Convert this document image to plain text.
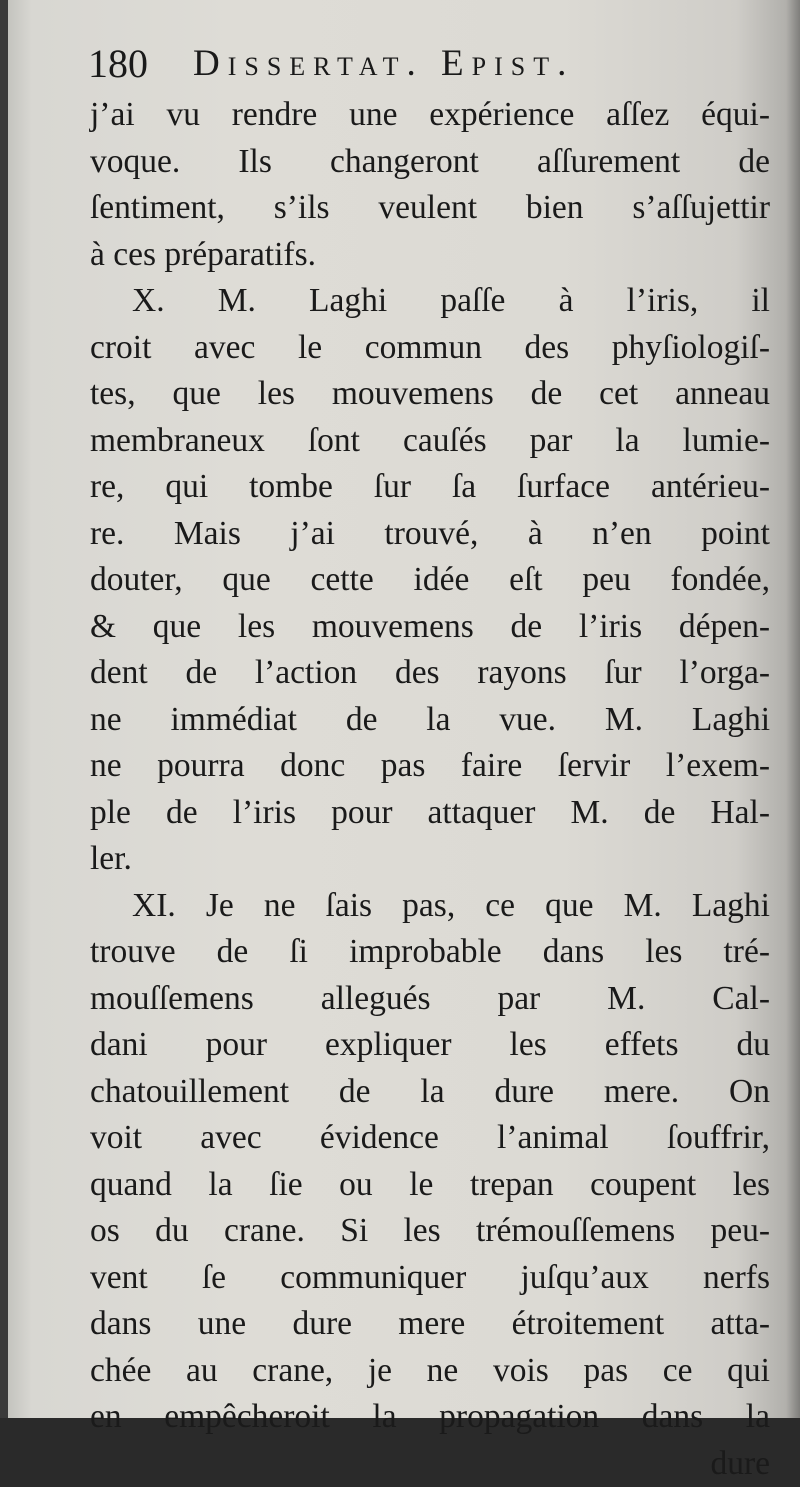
180 Dissertat. Epist.
j’ai vu rendre une expérience aſſez équi-
voque. Ils changeront aſſurement de
ſentiment, s’ils veulent bien s’aſſujettir
à ces préparatifs.
X. M. Laghi paſſe à l’iris, il
croit avec le commun des phyſiologiſ-
tes, que les mouvemens de cet anneau
membraneux ſont cauſés par la lumie-
re, qui tombe ſur ſa ſurface antérieu-
re. Mais j’ai trouvé, à n’en point
douter, que cette idée eſt peu fondée,
& que les mouvemens de l’iris dépen-
dent de l’action des rayons ſur l’orga-
ne immédiat de la vue. M. Laghi
ne pourra donc pas faire ſervir l’exem-
ple de l’iris pour attaquer M. de Hal-
ler.
XI. Je ne ſais pas, ce que M. Laghi
trouve de ſi improbable dans les tré-
mouſſemens allegués par M. Cal-
dani pour expliquer les effets du
chatouillement de la dure mere. On
voit avec évidence l’animal ſouffrir,
quand la ſie ou le trepan coupent les
os du crane. Si les trémouſſemens peu-
vent ſe communiquer juſqu’aux nerfs
dans une dure mere étroitement atta-
chée au crane, je ne vois pas ce qui
en empêcheroit la propagation dans la
dure
